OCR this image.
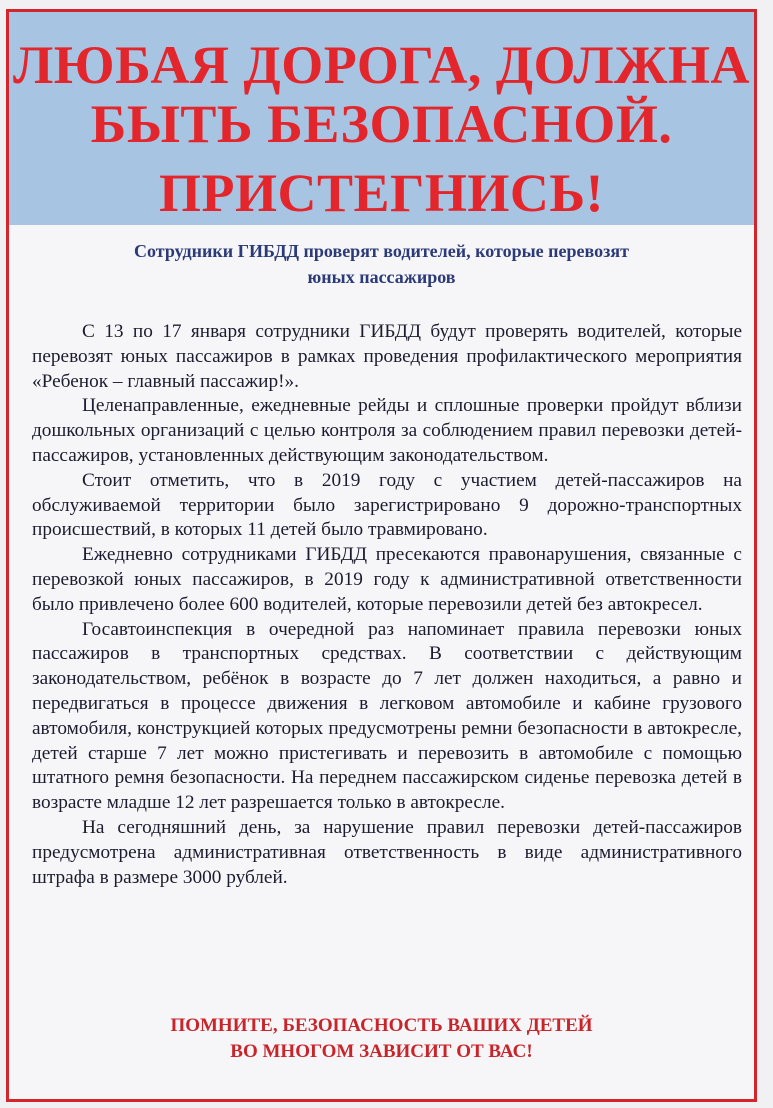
ЛЮБАЯ ДОРОГА, ДОЛЖНА
БЫТЬ БЕЗОПАСНОЙ.
ПРИСТЕГНИСЬ!
Сотрудники ГИБДД проверят водителей, которые перевозят
юных пассажиров

С 13 по 17 января сотрудники ГИБДД будут проверять водителей, которые перевозят юных пассажиров в рамках проведения профилактического мероприятия «Ребенок – главный пассажир!».

Целенаправленные, ежедневные рейды и сплошные проверки пройдут вблизи дошкольных организаций с целью контроля за соблюдением правил перевозки детей-пассажиров, установленных действующим законодательством.

Стоит отметить, что в 2019 году с участием детей-пассажиров на обслуживаемой территории было зарегистрировано 9 дорожно-транспортных происшествий, в которых 11 детей было травмировано.

Ежедневно сотрудниками ГИБДД пресекаются правонарушения, связанные с перевозкой юных пассажиров, в 2019 году к административной ответственности было привлечено более 600 водителей, которые перевозили детей без автокресел.

Госавтоинспекция в очередной раз напоминает правила перевозки юных пассажиров в транспортных средствах. В соответствии с действующим законодательством, ребёнок в возрасте до 7 лет должен находиться, а равно и передвигаться в процессе движения в легковом автомобиле и кабине грузового автомобиля, конструкцией которых предусмотрены ремни безопасности в автокресле, детей старше 7 лет можно пристегивать и перевозить в автомобиле с помощью штатного ремня безопасности. На переднем пассажирском сиденье перевозка детей в возрасте младше 12 лет разрешается только в автокресле.

На сегодняшний день, за нарушение правил перевозки детей-пассажиров предусмотрена административная ответственность в виде административного штрафа в размере 3000 рублей.

ПОМНИТЕ, БЕЗОПАСНОСТЬ ВАШИХ ДЕТЕЙ
ВО МНОГОМ ЗАВИСИТ ОТ ВАС!
